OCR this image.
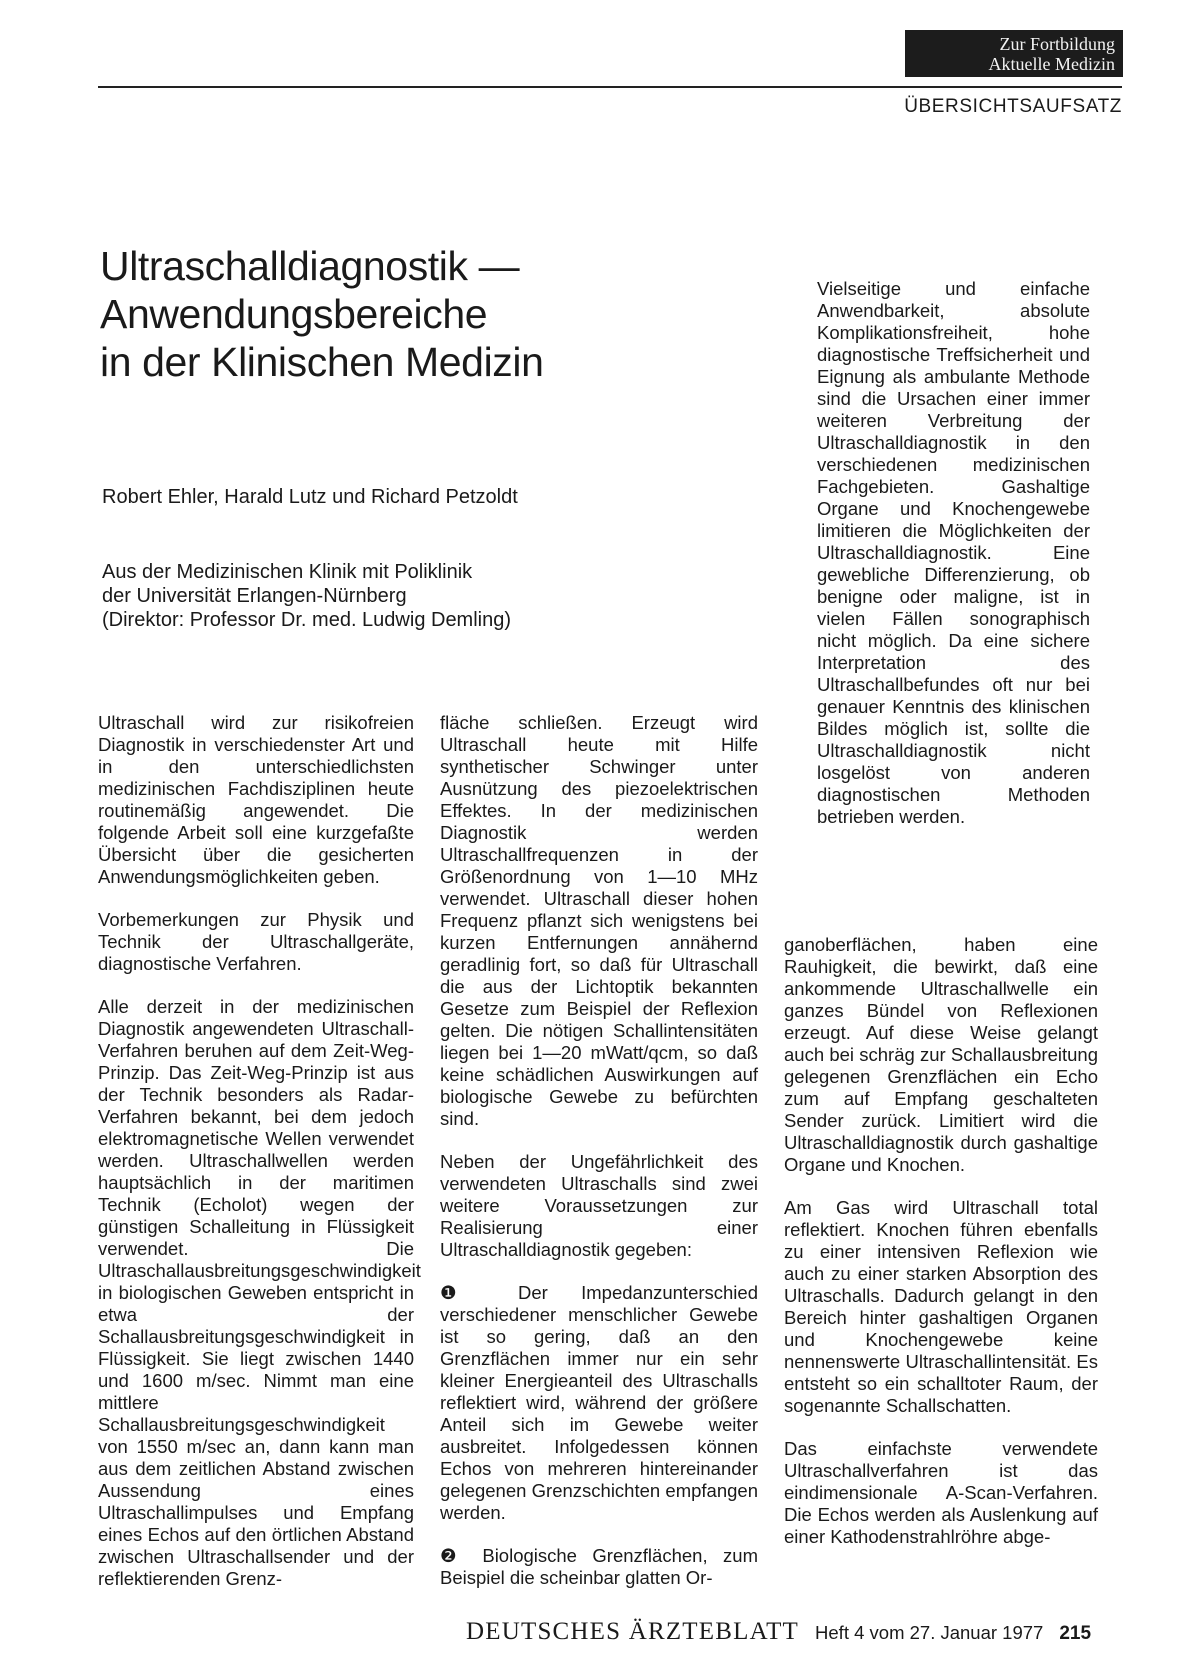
Zur Fortbildung
Aktuelle Medizin
ÜBERSICHTSAUFSATZ
Ultraschalldiagnostik —
Anwendungsbereiche
in der Klinischen Medizin
Robert Ehler, Harald Lutz und Richard Petzoldt
Aus der Medizinischen Klinik mit Poliklinik
der Universität Erlangen-Nürnberg
(Direktor: Professor Dr. med. Ludwig Demling)
Vielseitige und einfache Anwendbarkeit, absolute Komplikationsfreiheit, hohe diagnostische Treffsicherheit und Eignung als ambulante Methode sind die Ursachen einer immer weiteren Verbreitung der Ultraschalldiagnostik in den verschiedenen medizinischen Fachgebieten. Gashaltige Organe und Knochengewebe limitieren die Möglichkeiten der Ultraschalldiagnostik. Eine gewebliche Differenzierung, ob benigne oder maligne, ist in vielen Fällen sonographisch nicht möglich. Da eine sichere Interpretation des Ultraschallbefundes oft nur bei genauer Kenntnis des klinischen Bildes möglich ist, sollte die Ultraschalldiagnostik nicht losgelöst von anderen diagnostischen Methoden betrieben werden.

Ultraschall wird zur risikofreien Diagnostik in verschiedenster Art und in den unterschiedlichsten medizinischen Fachdisziplinen heute routinemäßig angewendet. Die folgende Arbeit soll eine kurzgefaßte Übersicht über die gesicherten Anwendungsmöglichkeiten geben.

Vorbemerkungen zur Physik und Technik der Ultraschallgeräte, diagnostische Verfahren.

Alle derzeit in der medizinischen Diagnostik angewendeten Ultraschall-Verfahren beruhen auf dem Zeit-Weg-Prinzip. Das Zeit-Weg-Prinzip ist aus der Technik besonders als Radar-Verfahren bekannt, bei dem jedoch elektromagnetische Wellen verwendet werden. Ultraschallwellen werden hauptsächlich in der maritimen Technik (Echolot) wegen der günstigen Schalleitung in Flüssigkeit verwendet. Die Ultraschallausbreitungsgeschwindigkeit in biologischen Geweben entspricht in etwa der Schallausbreitungsgeschwindigkeit in Flüssigkeit. Sie liegt zwischen 1440 und 1600 m/sec. Nimmt man eine mittlere Schallausbreitungsgeschwindigkeit von 1550 m/sec an, dann kann man aus dem zeitlichen Abstand zwischen Aussendung eines Ultraschallimpulses und Empfang eines Echos auf den örtlichen Abstand zwischen Ultraschallsender und der reflektierenden Grenz-

fläche schließen. Erzeugt wird Ultraschall heute mit Hilfe synthetischer Schwinger unter Ausnützung des piezoelektrischen Effektes. In der medizinischen Diagnostik werden Ultraschallfrequenzen in der Größenordnung von 1—10 MHz verwendet. Ultraschall dieser hohen Frequenz pflanzt sich wenigstens bei kurzen Entfernungen annähernd geradlinig fort, so daß für Ultraschall die aus der Lichtoptik bekannten Gesetze zum Beispiel der Reflexion gelten. Die nötigen Schallintensitäten liegen bei 1—20 mWatt/qcm, so daß keine schädlichen Auswirkungen auf biologische Gewebe zu befürchten sind.

Neben der Ungefährlichkeit des verwendeten Ultraschalls sind zwei weitere Voraussetzungen zur Realisierung einer Ultraschalldiagnostik gegeben:

❶ Der Impedanzunterschied verschiedener menschlicher Gewebe ist so gering, daß an den Grenzflächen immer nur ein sehr kleiner Energieanteil des Ultraschalls reflektiert wird, während der größere Anteil sich im Gewebe weiter ausbreitet. Infolgedessen können Echos von mehreren hintereinander gelegenen Grenzschichten empfangen werden.

❷ Biologische Grenzflächen, zum Beispiel die scheinbar glatten Or-

ganoberflächen, haben eine Rauhigkeit, die bewirkt, daß eine ankommende Ultraschallwelle ein ganzes Bündel von Reflexionen erzeugt. Auf diese Weise gelangt auch bei schräg zur Schallausbreitung gelegenen Grenzflächen ein Echo zum auf Empfang geschalteten Sender zurück. Limitiert wird die Ultraschalldiagnostik durch gashaltige Organe und Knochen.

Am Gas wird Ultraschall total reflektiert. Knochen führen ebenfalls zu einer intensiven Reflexion wie auch zu einer starken Absorption des Ultraschalls. Dadurch gelangt in den Bereich hinter gashaltigen Organen und Knochengewebe keine nennenswerte Ultraschallintensität. Es entsteht so ein schalltoter Raum, der sogenannte Schallschatten.

Das einfachste verwendete Ultraschallverfahren ist das eindimensionale A-Scan-Verfahren. Die Echos werden als Auslenkung auf einer Kathodenstrahlröhre abge-

DEUTSCHES ÄRZTEBLATT Heft 4 vom 27. Januar 1977 215
